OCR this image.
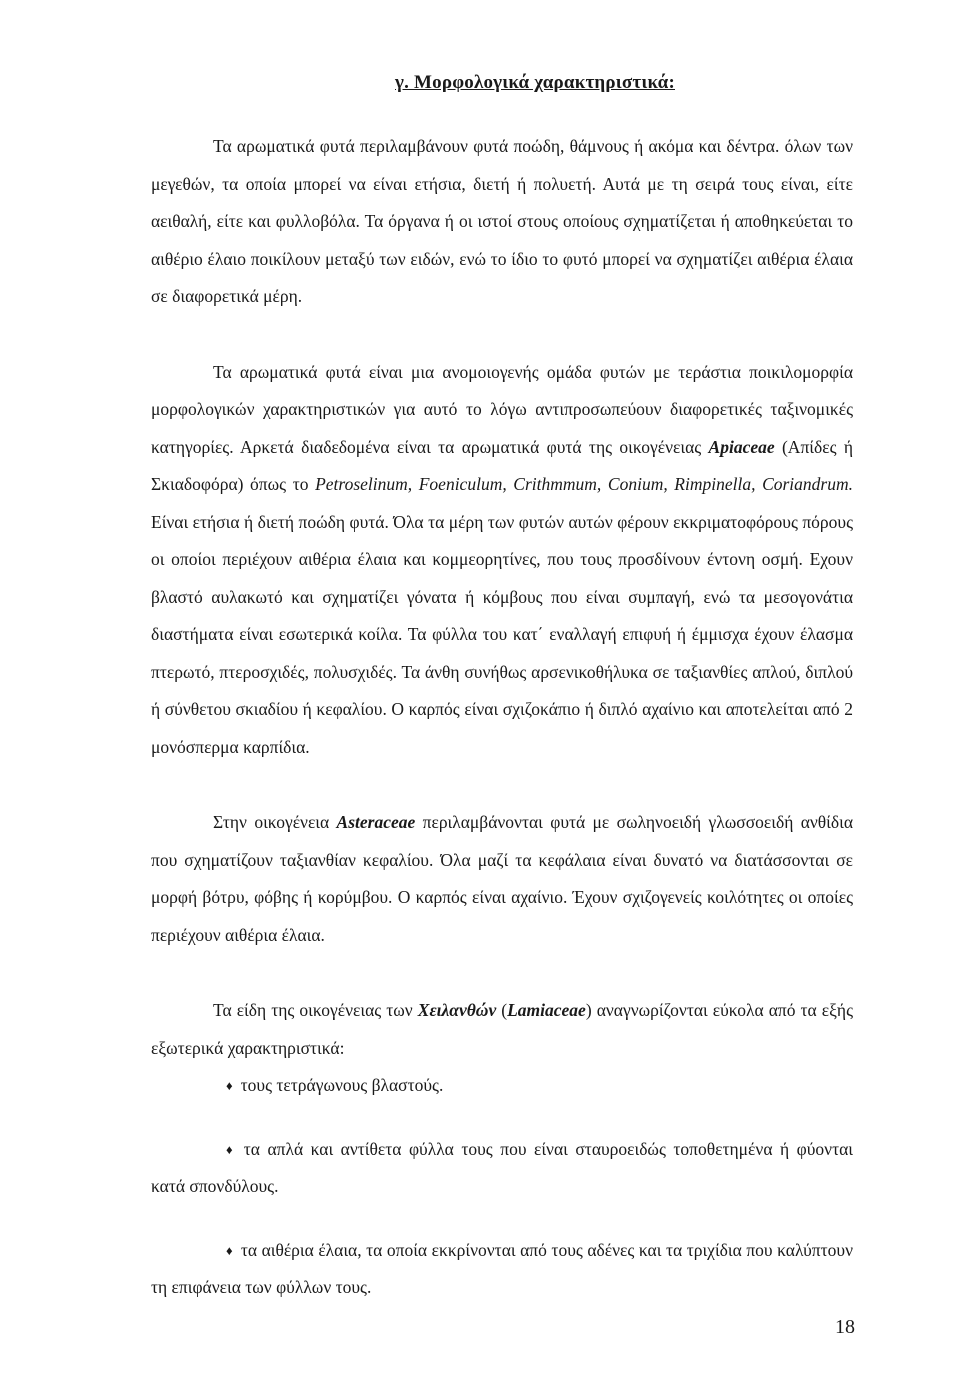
γ. Μορφολογικά χαρακτηριστικά:

Τα αρωματικά φυτά περιλαμβάνουν φυτά ποώδη, θάμνους ή ακόμα και δέντρα. όλων των μεγεθών, τα οποία μπορεί να είναι ετήσια, διετή ή πολυετή. Αυτά με τη σειρά τους είναι, είτε αειθαλή, είτε και φυλλοβόλα. Τα όργανα ή οι ιστοί στους οποίους σχηματίζεται ή αποθηκεύεται το αιθέριο έλαιο ποικίλουν μεταξύ των ειδών, ενώ το ίδιο το φυτό μπορεί να σχηματίζει αιθέρια έλαια σε διαφορετικά μέρη.

Τα αρωματικά φυτά είναι μια ανομοιογενής ομάδα φυτών με τεράστια ποικιλομορφία μορφολογικών χαρακτηριστικών για αυτό το λόγω αντιπροσωπεύουν διαφορετικές ταξινομικές κατηγορίες. Αρκετά διαδεδομένα είναι τα αρωματικά φυτά της οικογένειας Apiaceae (Απίδες ή Σκιαδοφόρα) όπως το Petroselinum, Foeniculum, Crithmmum, Conium, Rimpinella, Coriandrum. Είναι ετήσια ή διετή ποώδη φυτά. Όλα τα μέρη των φυτών αυτών φέρουν εκκριματοφόρους πόρους οι οποίοι περιέχουν αιθέρια έλαια και κομμεορητίνες, που τους προσδίνουν έντονη οσμή. Εχουν βλαστό αυλακωτό και σχηματίζει γόνατα ή κόμβους που είναι συμπαγή, ενώ τα μεσογονάτια διαστήματα είναι εσωτερικά κοίλα. Τα φύλλα του κατ΄ εναλλαγή επιφυή ή έμμισχα έχουν έλασμα πτερωτό, πτεροσχιδές, πολυσχιδές. Τα άνθη συνήθως αρσενικοθήλυκα σε ταξιανθίες απλού, διπλού ή σύνθετου σκιαδίου ή κεφαλίου. Ο καρπός είναι σχιζοκάπιο ή διπλό αχαίνιο και αποτελείται από 2 μονόσπερμα καρπίδια.

Στην οικογένεια Asteraceae περιλαμβάνονται φυτά με σωληνοειδή γλωσσοειδή ανθίδια που σχηματίζουν ταξιανθίαν κεφαλίου. Όλα μαζί τα κεφάλαια είναι δυνατό να διατάσσονται σε μορφή βότρυ, φόβης ή κορύμβου. Ο καρπός είναι αχαίνιο. Έχουν σχιζογενείς κοιλότητες οι οποίες περιέχουν αιθέρια έλαια.

Τα είδη της οικογένειας των Χειλανθών (Lamiaceae) αναγνωρίζονται εύκολα από τα εξής εξωτερικά χαρακτηριστικά:

♦ τους τετράγωνους βλαστούς.

♦ τα απλά και αντίθετα φύλλα τους που είναι σταυροειδώς τοποθετημένα ή φύονται κατά σπονδύλους.

♦ τα αιθέρια έλαια, τα οποία εκκρίνονται από τους αδένες και τα τριχίδια που καλύπτουν τη επιφάνεια των φύλλων τους.

18
